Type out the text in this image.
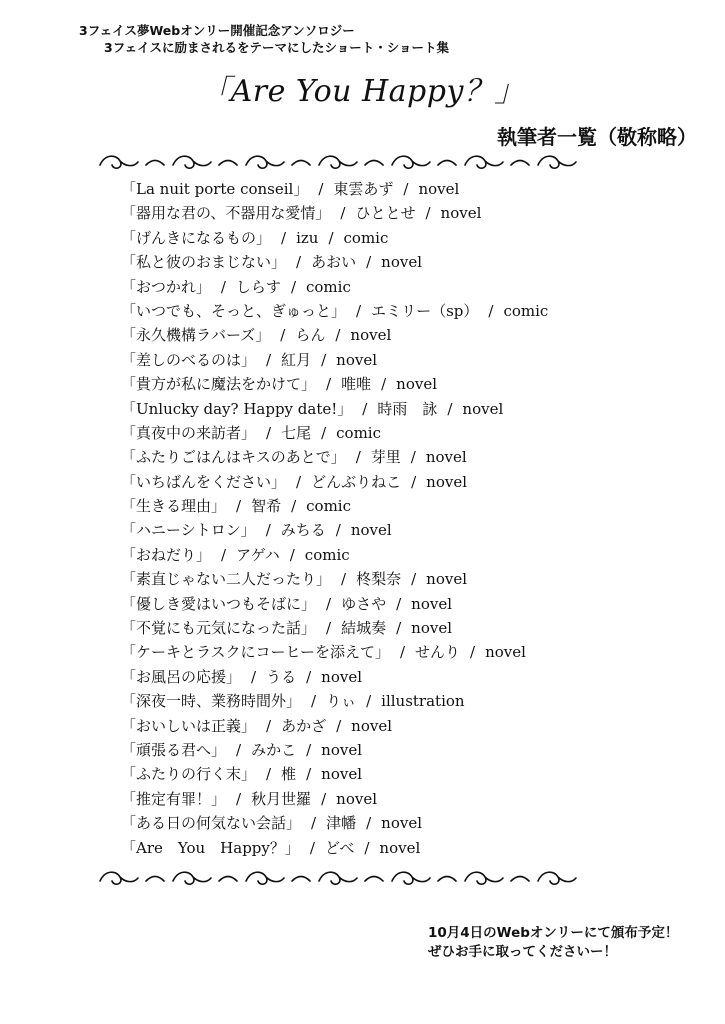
3フェイス夢Webオンリー開催記念アンソロジー
3フェイスに励まされるをテーマにしたショート・ショート集
「Are You Happy？」
執筆者一覧（敬称略）
「La nuit porte conseil」 / 東雲あず / novel
「器用な君の、不器用な愛情」 / ひととせ / novel
「げんきになるもの」 / izu / comic
「私と彼のおまじない」 / あおい / novel
「おつかれ」 / しらす / comic
「いつでも、そっと、ぎゅっと」 / エミリー（sp） / comic
「永久機構ラバーズ」 / らん / novel
「差しのべるのは」 / 紅月 / novel
「貴方が私に魔法をかけて」 / 唯唯 / novel
「Unlucky day? Happy date!」 / 時雨　詠 / novel
「真夜中の来訪者」 / 七尾 / comic
「ふたりごはんはキスのあとで」 / 芽里 / novel
「いちばんをください」 / どんぶりねこ / novel
「生きる理由」 / 智希 / comic
「ハニーシトロン」 / みちる / novel
「おねだり」 / アゲハ / comic
「素直じゃない二人だったり」 / 柊梨奈 / novel
「優しき愛はいつもそばに」 / ゆさや / novel
「不覚にも元気になった話」 / 結城奏 / novel
「ケーキとラスクにコーヒーを添えて」 / せんり / novel
「お風呂の応援」 / うる / novel
「深夜一時、業務時間外」 / りぃ / illustration
「おいしいは正義」 / あかざ / novel
「頑張る君へ」 / みかこ / novel
「ふたりの行く末」 / 椎 / novel
「推定有罪！」 / 秋月世羅 / novel
「ある日の何気ない会話」 / 津幡 / novel
「Are　You　Happy？」 / どべ / novel
10月4日のWebオンリーにて頒布予定！
ぜひお手に取ってくださいー！
